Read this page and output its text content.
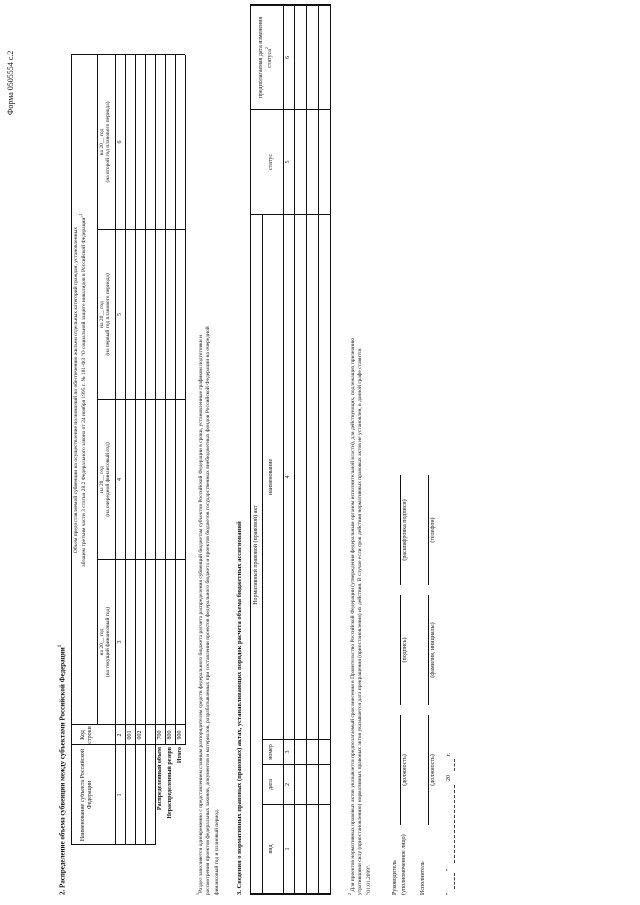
Форма 0505554 с.2
2. Распределение объема субвенции между субъектами Российской Федерации$^1$
Наименование субъекта Российской Федерации
Код строки
Объем предоставляемой субвенции на осуществление полномочий по обеспечению жильем отдельных категорий граждан, установленных абзацем третьим части 3 статьи 28.2 Федерального закона от 24 ноября 1995 г. № 181-ФЗ "О социальной защите инвалидов в Российской Федерации"$^1$
на 20__ год (на текущий финансовый год)
на 20__ год (на очередной финансовый год)
на 20__ год (на первый год планового периода)
на 20__ год (на второй год планового периода)
1
2
3
4
5
6
001 002
Распределенный объем
700
Нераспределенный резерв
800
Итого
900
$^1$Раздел заполняется одновременно с представлением главным распорядителем средств федерального бюджета расчета распределения субвенций бюджетам субъектов Российской Федерации в сроки, установленные графиком подготовки и рассмотрения проектов федеральных законов, документов и материалов, разрабатываемых при составлении проектов федерального бюджета и проектов бюджетов государственных внебюджетных фондов Российской Федерации на очередной финансовый год и плановый период. 3. Сведения о нормативных правовых (правовых) актах, устанавливающих порядок расчета объема бюджетных ассигнований Нормативный правовой (правовой) акт
вид
дата
номер
наименование
статус
предполагаемая дата изменения статуса$^2$
1
2
3
4
5
6
$^2$ Для проектов нормативных правовых актов указывается предполагаемый срок внесения в Правительство Российской Федерации (утверждения федеральным органом исполнительной власти), для действующих, подлежащих признанию утратившими силу (приостановлению) нормативных правовых актов указывается дата прекращения (приостановления) их действия. В случае если срок действия нормативных правовых актов не установлен, в данной графе ставится "01.01.2099".	Руководитель (уполномоченное лицо)
(должность)
(подпись)
(расшифровка подписи)
Исполнитель
(должность)
(фамилия, инициалы)
(телефон)
"
"
20
г.
